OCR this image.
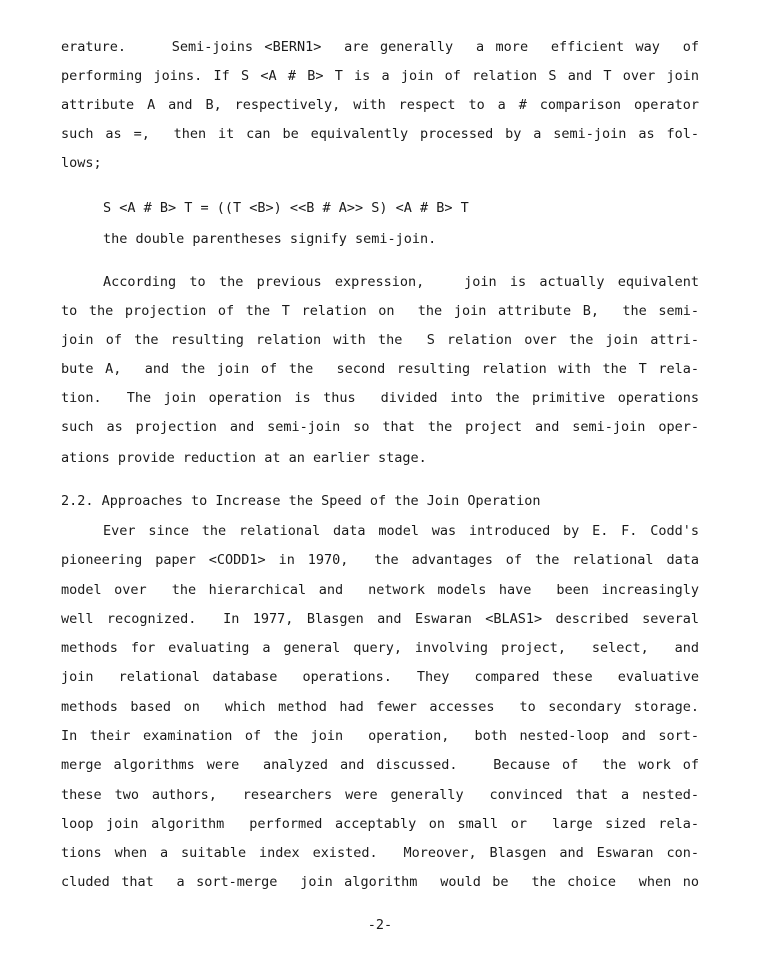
erature.    Semi-joins <BERN1>  are generally  a more  efficient way  of
performing joins. If S <A # B> T is a join of relation S and T over join
attribute A and B, respectively, with respect to a # comparison operator
such as =,  then it can be equivalently processed by a semi-join as fol-
lows;
S <A # B> T = ((T <B>) <<B # A>> S) <A # B> T
the double parentheses signify semi-join.
According to the previous expression,   join is actually equivalent
to the projection of the T relation on  the join attribute B,  the semi-
join of the resulting relation with the  S relation over the join attri-
bute A,  and the join of the  second resulting relation with the T rela-
tion.  The join operation is thus  divided into the primitive operations
such as projection and semi-join so that the project and semi-join oper-
ations provide reduction at an earlier stage.
2.2. Approaches to Increase the Speed of the Join Operation
Ever since the relational data model was introduced by E. F. Codd's
pioneering paper <CODD1> in 1970,  the advantages of the relational data
model over  the hierarchical and  network models have  been increasingly
well recognized.  In 1977, Blasgen and Eswaran <BLAS1> described several
methods for evaluating a general query, involving project,  select,  and
join  relational database  operations.  They  compared these  evaluative
methods based on  which method had fewer accesses  to secondary storage.
In their examination of the join  operation,  both nested-loop and sort-
merge algorithms were  analyzed and discussed.   Because of  the work of
these two authors,  researchers were generally  convinced that a nested-
loop join algorithm  performed acceptably on small or  large sized rela-
tions when a suitable index existed.  Moreover, Blasgen and Eswaran con-
cluded that  a sort-merge  join algorithm  would be  the choice  when no
-2-
